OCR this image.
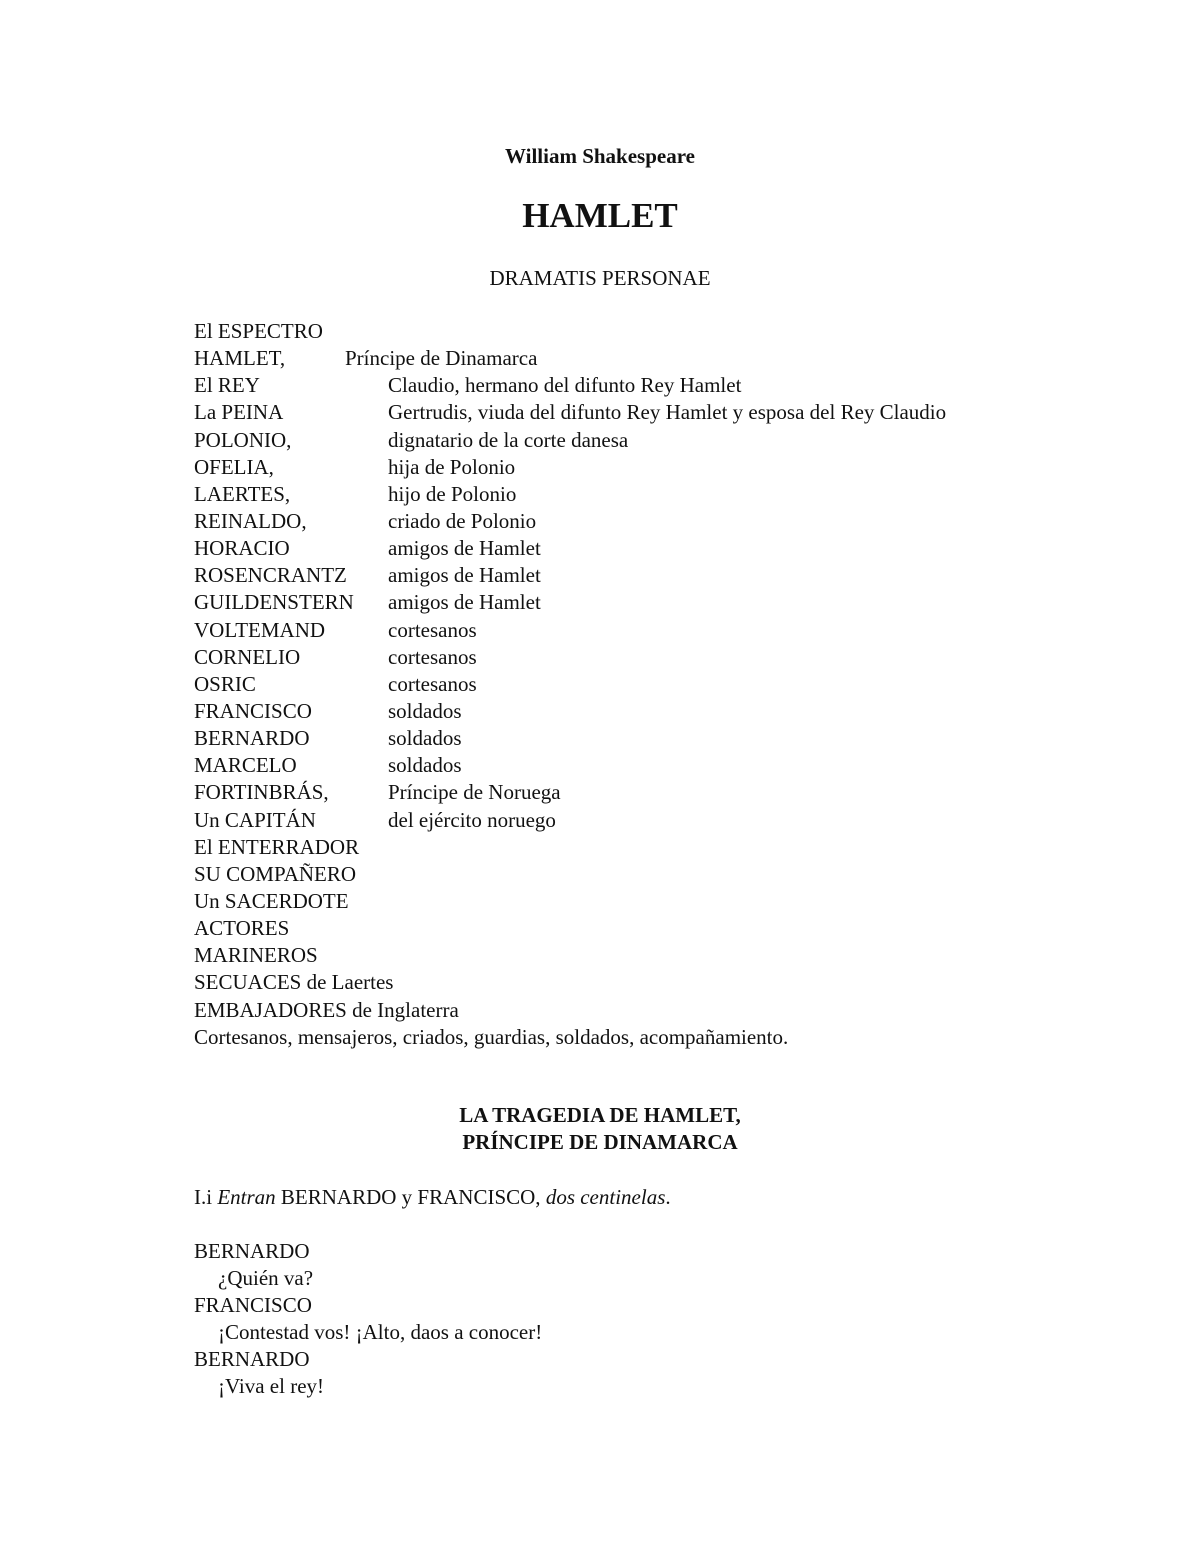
William Shakespeare
HAMLET
DRAMATIS PERSONAE
El ESPECTRO
HAMLET,	Príncipe de Dinamarca
El REY	Claudio, hermano del difunto Rey Hamlet
La PEINA	Gertrudis, viuda del difunto Rey Hamlet y esposa del Rey Claudio
POLONIO,	dignatario de la corte danesa
OFELIA,	hija de Polonio
LAERTES,	hijo de Polonio
REINALDO,	criado de Polonio
HORACIO	amigos de Hamlet
ROSENCRANTZ amigos de Hamlet
GUILDENSTERN amigos de Hamlet
VOLTEMAND	cortesanos
CORNELIO	cortesanos
OSRIC	cortesanos
FRANCISCO	soldados
BERNARDO	soldados
MARCELO	soldados
FORTINBRÁS,	Príncipe de Noruega
Un CAPITÁN	del ejército noruego
El ENTERRADOR
SU COMPAÑERO
Un SACERDOTE
ACTORES
MARINEROS
SECUACES de Laertes
EMBAJADORES de Inglaterra
Cortesanos, mensajeros, criados, guardias, soldados, acompañamiento.
LA TRAGEDIA DE HAMLET,
PRÍNCIPE DE DINAMARCA
I.i Entran BERNARDO y FRANCISCO, dos centinelas.
BERNARDO
¿Quién va?
FRANCISCO
¡Contestad vos! ¡Alto, daos a conocer!
BERNARDO
¡Viva el rey!
